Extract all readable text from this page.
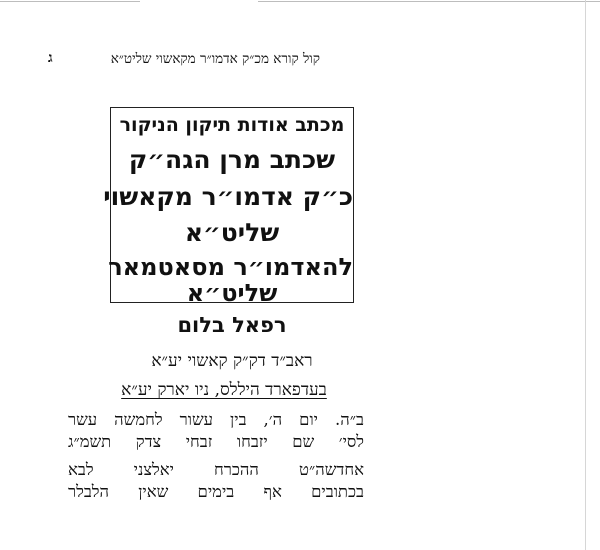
ג	קול קורא מכ״ק אדמו״ר מקאשוי שליט״א
מכתב אודות תיקון הניקור
שכתב מרן הגה״ק
כ״ק אדמו״ר מקאשוי
שליט״א
להאדמו״ר מסאטמאר
שליט״א
רפאל בלום
ראב״ד דק״ק קאשוי יע״א
בעדפארד היללס, ניו יארק יע״א
ב״ה. יום ה׳, בין עשור לחמשה עשר
לסי׳ שם יזבחו זבחי צדק תשמ״ג
אחדשה״ט ההכרח יאלצני לבא
בכתובים אף בימים שאין הלבלר
